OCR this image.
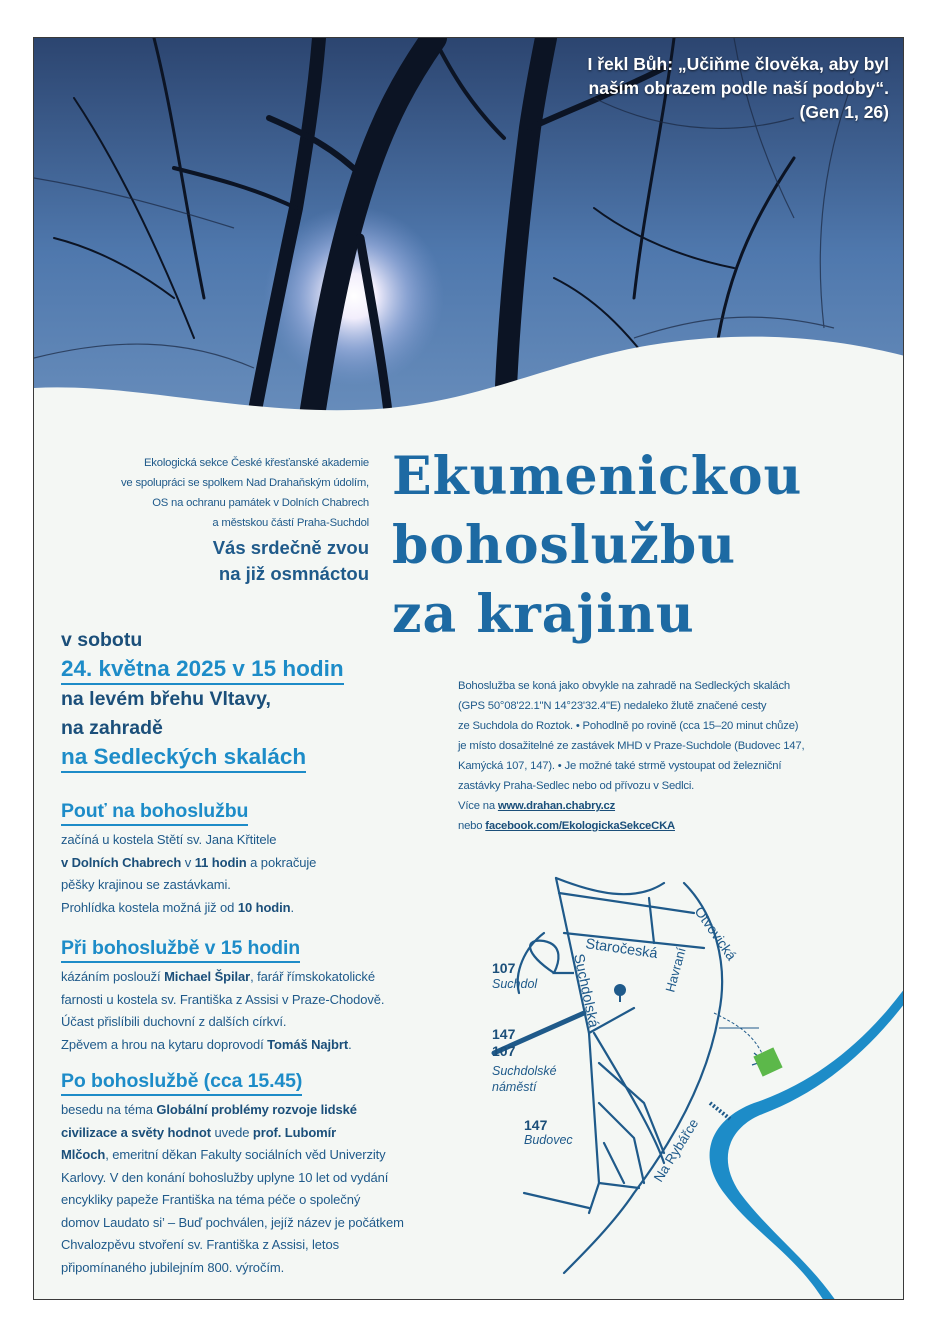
I řekl Bůh: „Učiňme člověka, aby byl
naším obrazem podle naší podoby“.
(Gen 1, 26)
Ekologická sekce České křesťanské akademie
ve spolupráci se spolkem Nad Drahaňským údolím,
OS na ochranu památek v Dolních Chabrech
a městskou částí Praha-Suchdol
Vás srdečně zvou
na již osmnáctou
Ekumenickou
bohoslužbu
za krajinu
v sobotu
24. května 2025 v 15 hodin
na levém břehu Vltavy,
na zahradě
na Sedleckých skalách
Bohoslužba se koná jako obvykle na zahradě na Sedleckých skalách
(GPS 50°08'22.1"N 14°23'32.4"E) nedaleko žlutě značené cesty
ze Suchdola do Roztok. • Pohodlně po rovině (cca 15–20 minut chůze)
je místo dosažitelné ze zastávek MHD v Praze-Suchdole (Budovec 147,
Kamýcká 107, 147). • Je možné také strmě vystoupat od železniční
zastávky Praha-Sedlec nebo od přívozu v Sedlci.
Více na www.drahan.chabry.cz
nebo facebook.com/EkologickaSekceCKA
Pouť na bohoslužbu
začíná u kostela Stětí sv. Jana Křtitele
v Dolních Chabrech v 11 hodin a pokračuje
pěšky krajinou se zastávkami.
Prohlídka kostela možná již od 10 hodin.
Při bohoslužbě v 15 hodin
kázáním poslouží Michael Špilar, farář římskokatolické
farnosti u kostela sv. Františka z Assisi v Praze-Chodově.
Účast přislíbili duchovní z dalších církví.
Zpěvem a hrou na kytaru doprovodí Tomáš Najbrt.
Po bohoslužbě (cca 15.45)
besedu na téma Globální problémy rozvoje lidské
civilizace a světy hodnot uvede prof. Lubomír
Mlčoch, emeritní děkan Fakulty sociálních věd Univerzity
Karlovy. V den konání bohoslužby uplyne 10 let od vydání
encykliky papeže Františka na téma péče o společný
domov Laudato si’ – Buď pochválen, jejíž název je počátkem
Chvalozpěvu stvoření sv. Františka z Assisi, letos
připomínaného jubilejním 800. výročím.
Staročeská Havraní
Otvovická
Suchdolská
Na Rybářce
107
Suchdol
147
107
Suchdolské
náměstí
147
Budovec
